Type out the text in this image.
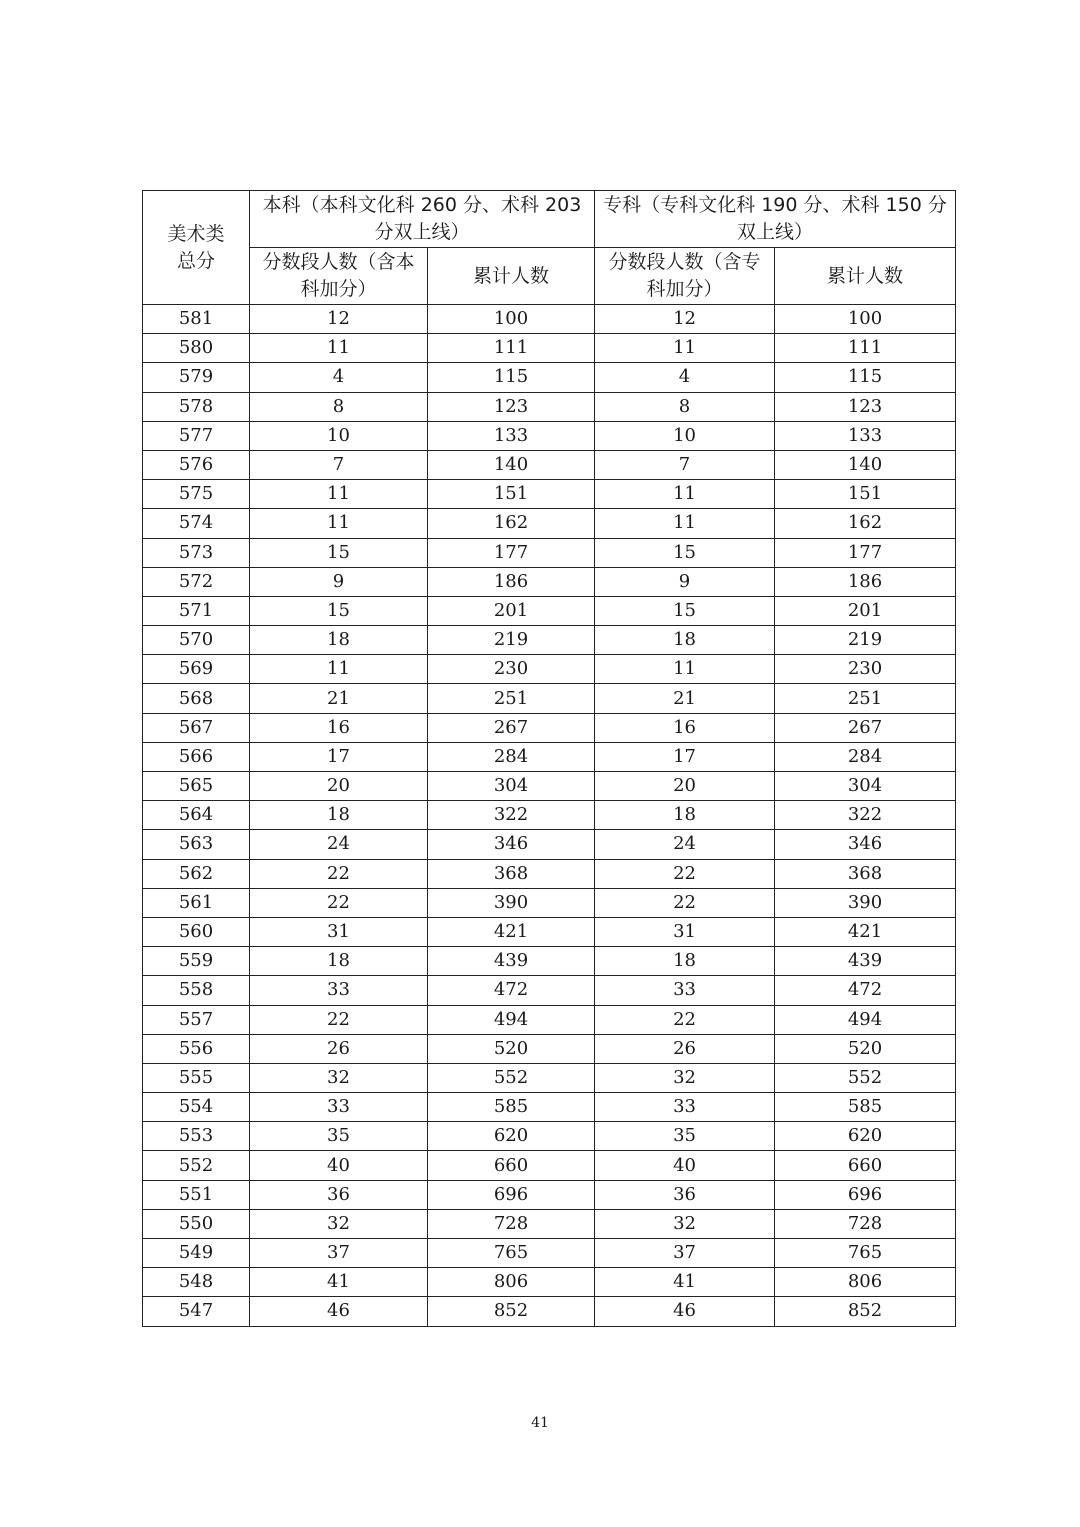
美术类总分	本科（本科文化科 260 分、术科 203 分双上线）		专科（专科文化科 190 分、术科 150 分双上线）	
	分数段人数（含本科加分）	累计人数	分数段人数（含专科加分）	累计人数
581	12	100	12	100
580	11	111	11	111
579	4	115	4	115
578	8	123	8	123
577	10	133	10	133
576	7	140	7	140
575	11	151	11	151
574	11	162	11	162
573	15	177	15	177
572	9	186	9	186
571	15	201	15	201
570	18	219	18	219
569	11	230	11	230
568	21	251	21	251
567	16	267	16	267
566	17	284	17	284
565	20	304	20	304
564	18	322	18	322
563	24	346	24	346
562	22	368	22	368
561	22	390	22	390
560	31	421	31	421
559	18	439	18	439
558	33	472	33	472
557	22	494	22	494
556	26	520	26	520
555	32	552	32	552
554	33	585	33	585
553	35	620	35	620
552	40	660	40	660
551	36	696	36	696
550	32	728	32	728
549	37	765	37	765
548	41	806	41	806
547	46	852	46	852
41
